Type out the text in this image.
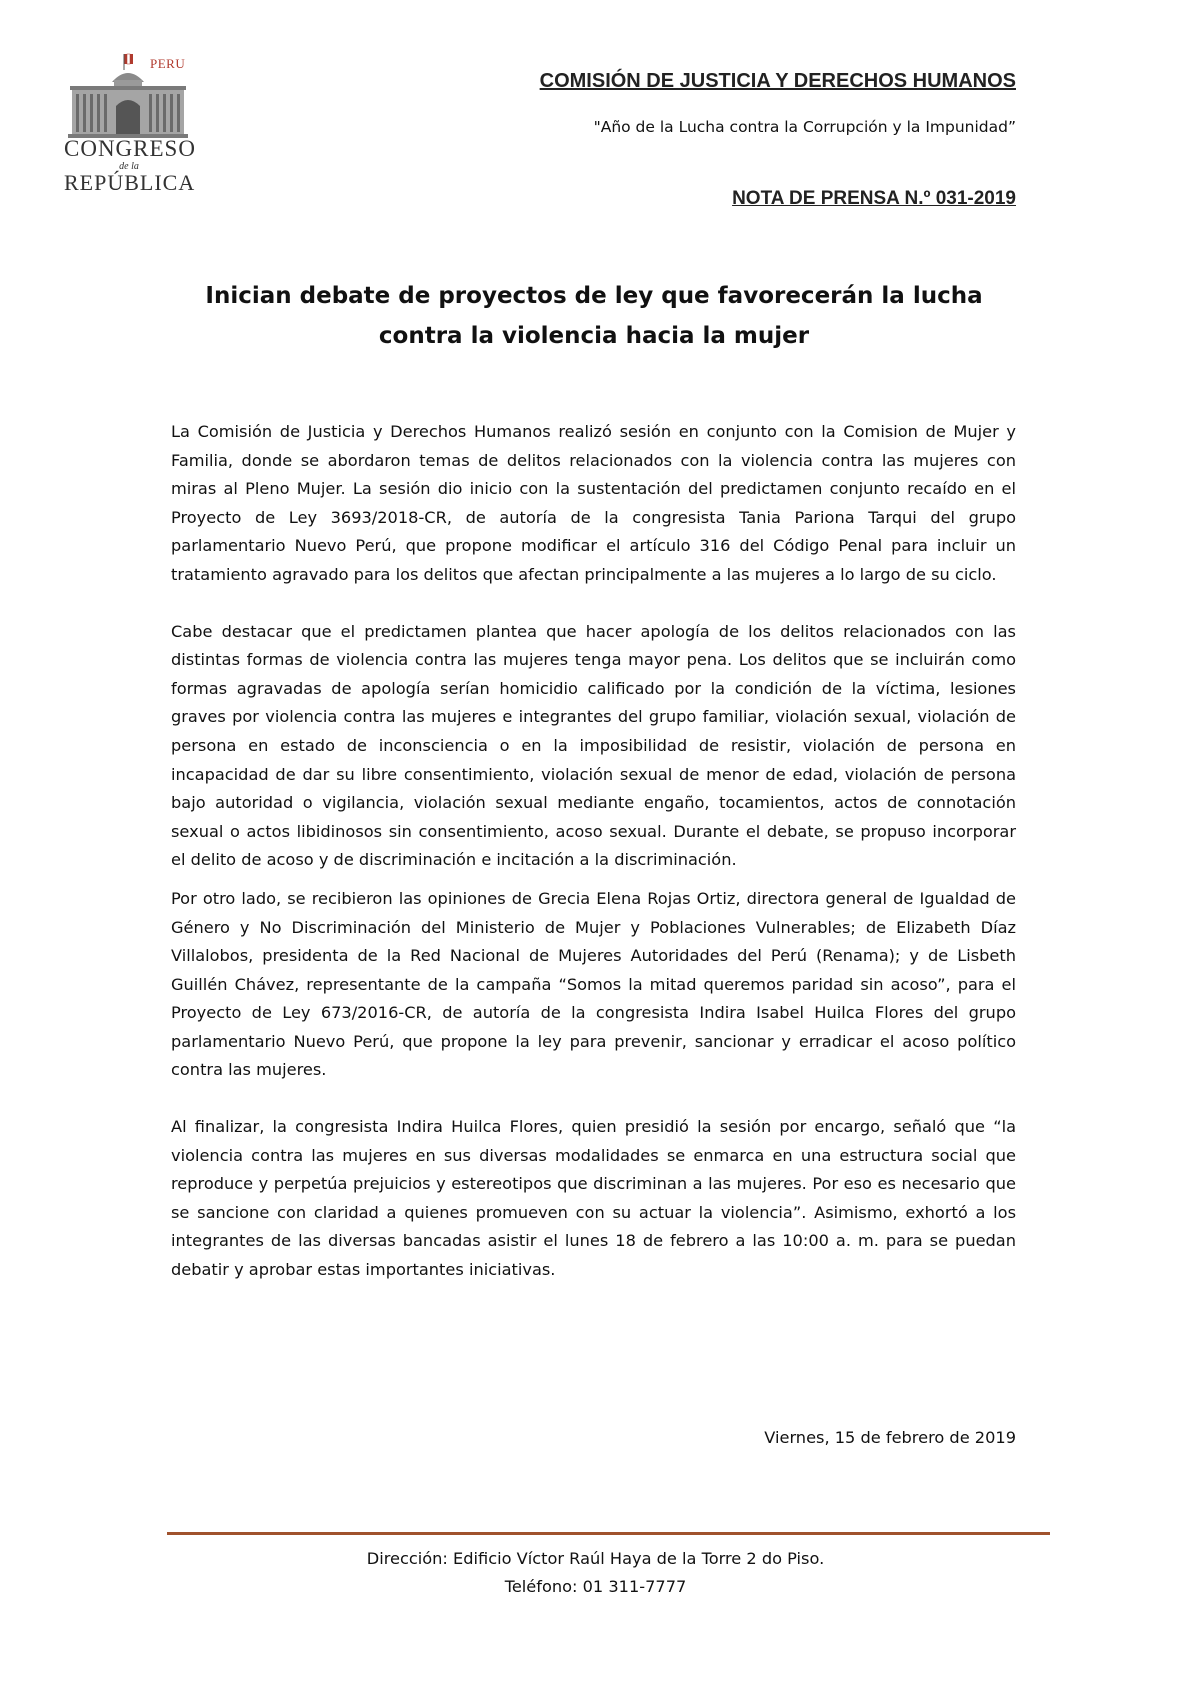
PERU
CONGRESO
de la
REPÚBLICA
COMISIÓN DE JUSTICIA Y DERECHOS HUMANOS
"Año de la Lucha contra la Corrupción y la Impunidad”
NOTA DE PRENSA N.º 031-2019
Inician debate de proyectos de ley que favorecerán la lucha contra la violencia hacia la mujer

La Comisión de Justicia y Derechos Humanos realizó sesión en conjunto con la Comision de Mujer y Familia, donde se abordaron temas de delitos relacionados con la violencia contra las mujeres con miras al Pleno Mujer. La sesión dio inicio con la sustentación del predictamen conjunto recaído en el Proyecto de Ley 3693/2018-CR, de autoría de la congresista Tania Pariona Tarqui del grupo parlamentario Nuevo Perú, que propone modificar el artículo 316 del Código Penal para incluir un tratamiento agravado para los delitos que afectan principalmente a las mujeres a lo largo de su ciclo.

Cabe destacar que el predictamen plantea que hacer apología de los delitos relacionados con las distintas formas de violencia contra las mujeres tenga mayor pena. Los delitos que se incluirán como formas agravadas de apología serían homicidio calificado por la condición de la víctima, lesiones graves por violencia contra las mujeres e integrantes del grupo familiar, violación sexual, violación de persona en estado de inconsciencia o en la imposibilidad de resistir, violación de persona en incapacidad de dar su libre consentimiento, violación sexual de menor de edad, violación de persona bajo autoridad o vigilancia, violación sexual mediante engaño, tocamientos, actos de connotación sexual o actos libidinosos sin consentimiento, acoso sexual. Durante el debate, se propuso incorporar el delito de acoso y de discriminación e incitación a la discriminación.

Por otro lado, se recibieron las opiniones de Grecia Elena Rojas Ortiz, directora general de Igualdad de Género y No Discriminación del Ministerio de Mujer y Poblaciones Vulnerables; de Elizabeth Díaz Villalobos, presidenta de la Red Nacional de Mujeres Autoridades del Perú (Renama); y de Lisbeth Guillén Chávez, representante de la campaña “Somos la mitad queremos paridad sin acoso”, para el Proyecto de Ley 673/2016-CR, de autoría de la congresista Indira Isabel Huilca Flores del grupo parlamentario Nuevo Perú, que propone la ley para prevenir, sancionar y erradicar el acoso político contra las mujeres.

Al finalizar, la congresista Indira Huilca Flores, quien presidió la sesión por encargo, señaló que “la violencia contra las mujeres en sus diversas modalidades se enmarca en una estructura social que reproduce y perpetúa prejuicios y estereotipos que discriminan a las mujeres. Por eso es necesario que se sancione con claridad a quienes promueven con su actuar la violencia”. Asimismo, exhortó a los integrantes de las diversas bancadas asistir el lunes 18 de febrero a las 10:00 a. m. para se puedan debatir y aprobar estas importantes iniciativas.

Viernes, 15 de febrero de 2019
Dirección: Edificio Víctor Raúl Haya de la Torre 2 do Piso.
Teléfono: 01 311-7777
